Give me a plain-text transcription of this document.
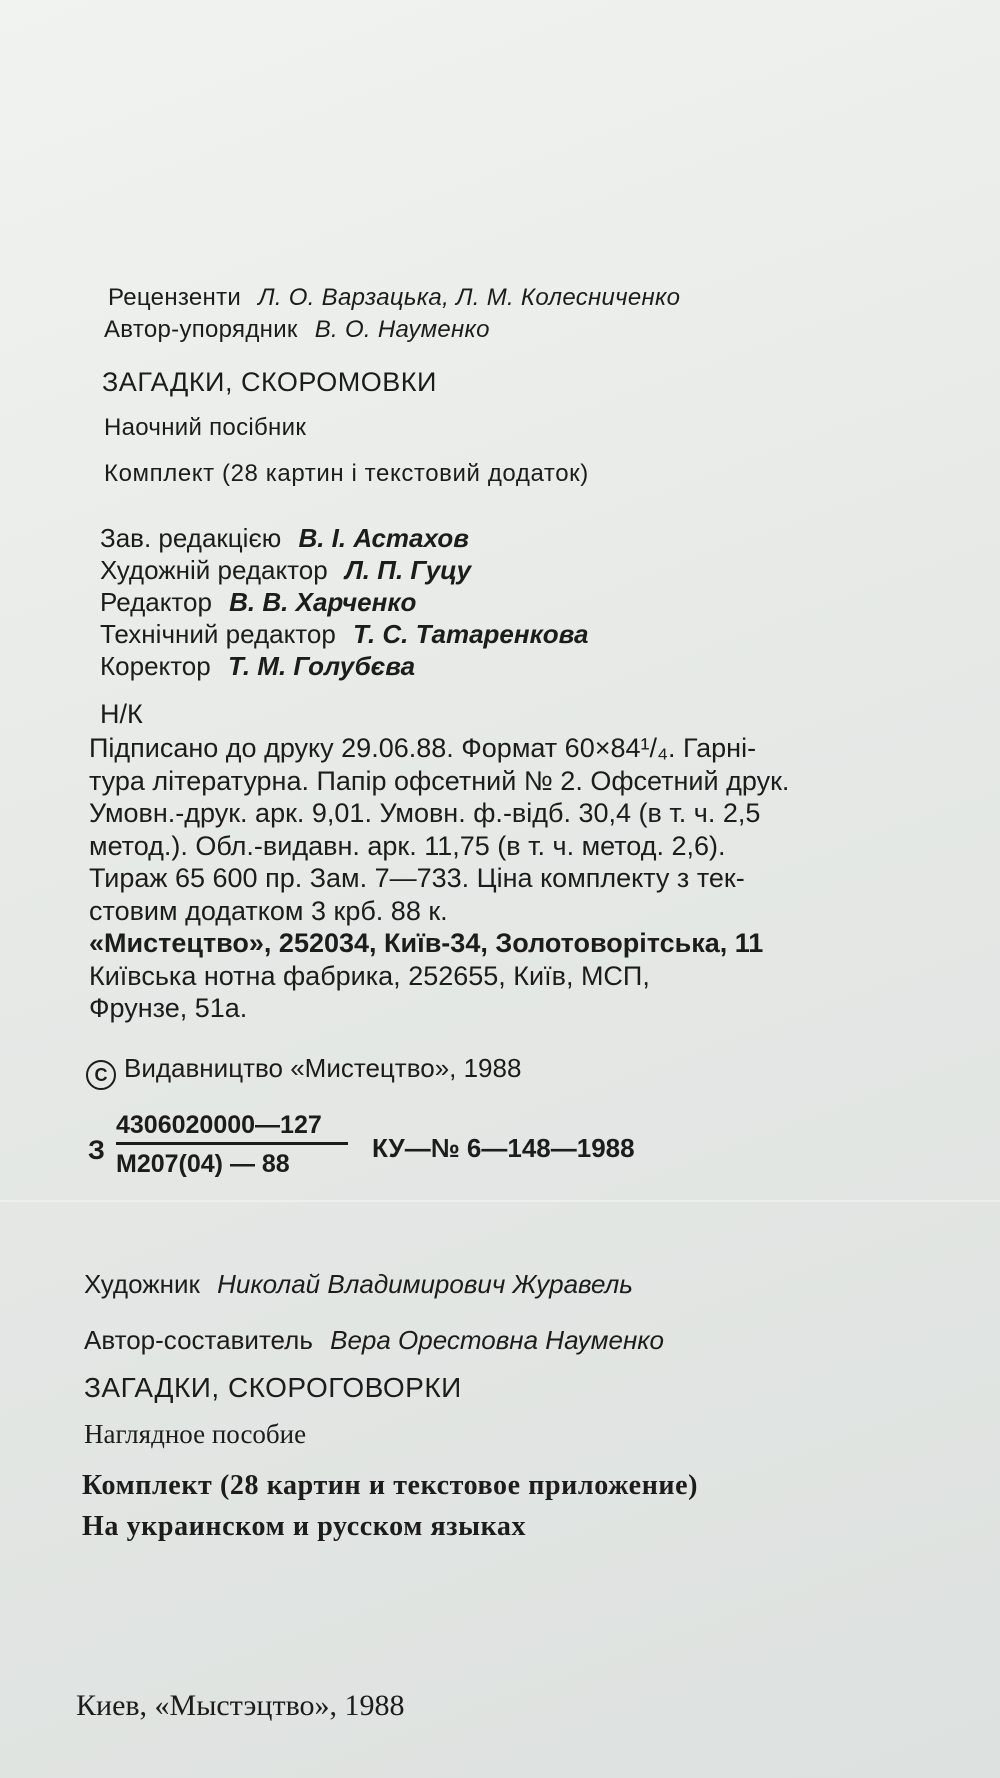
Рецензенти Л. О. Варзацька, Л. М. Колесниченко
Автор-упорядник В. О. Науменко
ЗАГАДКИ, СКОРОМОВКИ
Наочний посібник
Комплект (28 картин і текстовий додаток)
Зав. редакцією В. І. Астахов
Художній редактор Л. П. Гуцу
Редактор В. В. Харченко
Технічний редактор Т. С. Татаренкова
Коректор Т. М. Голубєва
Н/К
Підписано до друку 29.06.88. Формат 60×84¹/₄. Гарні-
тура літературна. Папір офсетний № 2. Офсетний друк.
Умовн.-друк. арк. 9,01. Умовн. ф.-відб. 30,4 (в т. ч. 2,5
метод.). Обл.-видавн. арк. 11,75 (в т. ч. метод. 2,6).
Тираж 65 600 пр. Зам. 7—733. Ціна комплекту з тек-
стовим додатком 3 крб. 88 к.
«Мистецтво», 252034, Київ-34, Золотоворітська, 11
Київська нотна фабрика, 252655, Київ, МСП,
Фрунзе, 51а.
C Видавництво «Мистецтво», 1988
З
4306020000—127
М207(04) — 88
КУ—№ 6—148—1988
Художник Николай Владимирович Журавель
Автор-составитель Вера Орестовна Науменко
ЗАГАДКИ, СКОРОГОВОРКИ
Наглядное пособие
Комплект (28 картин и текстовое приложение)
На украинском и русском языках
Киев, «Мыстэцтво», 1988
